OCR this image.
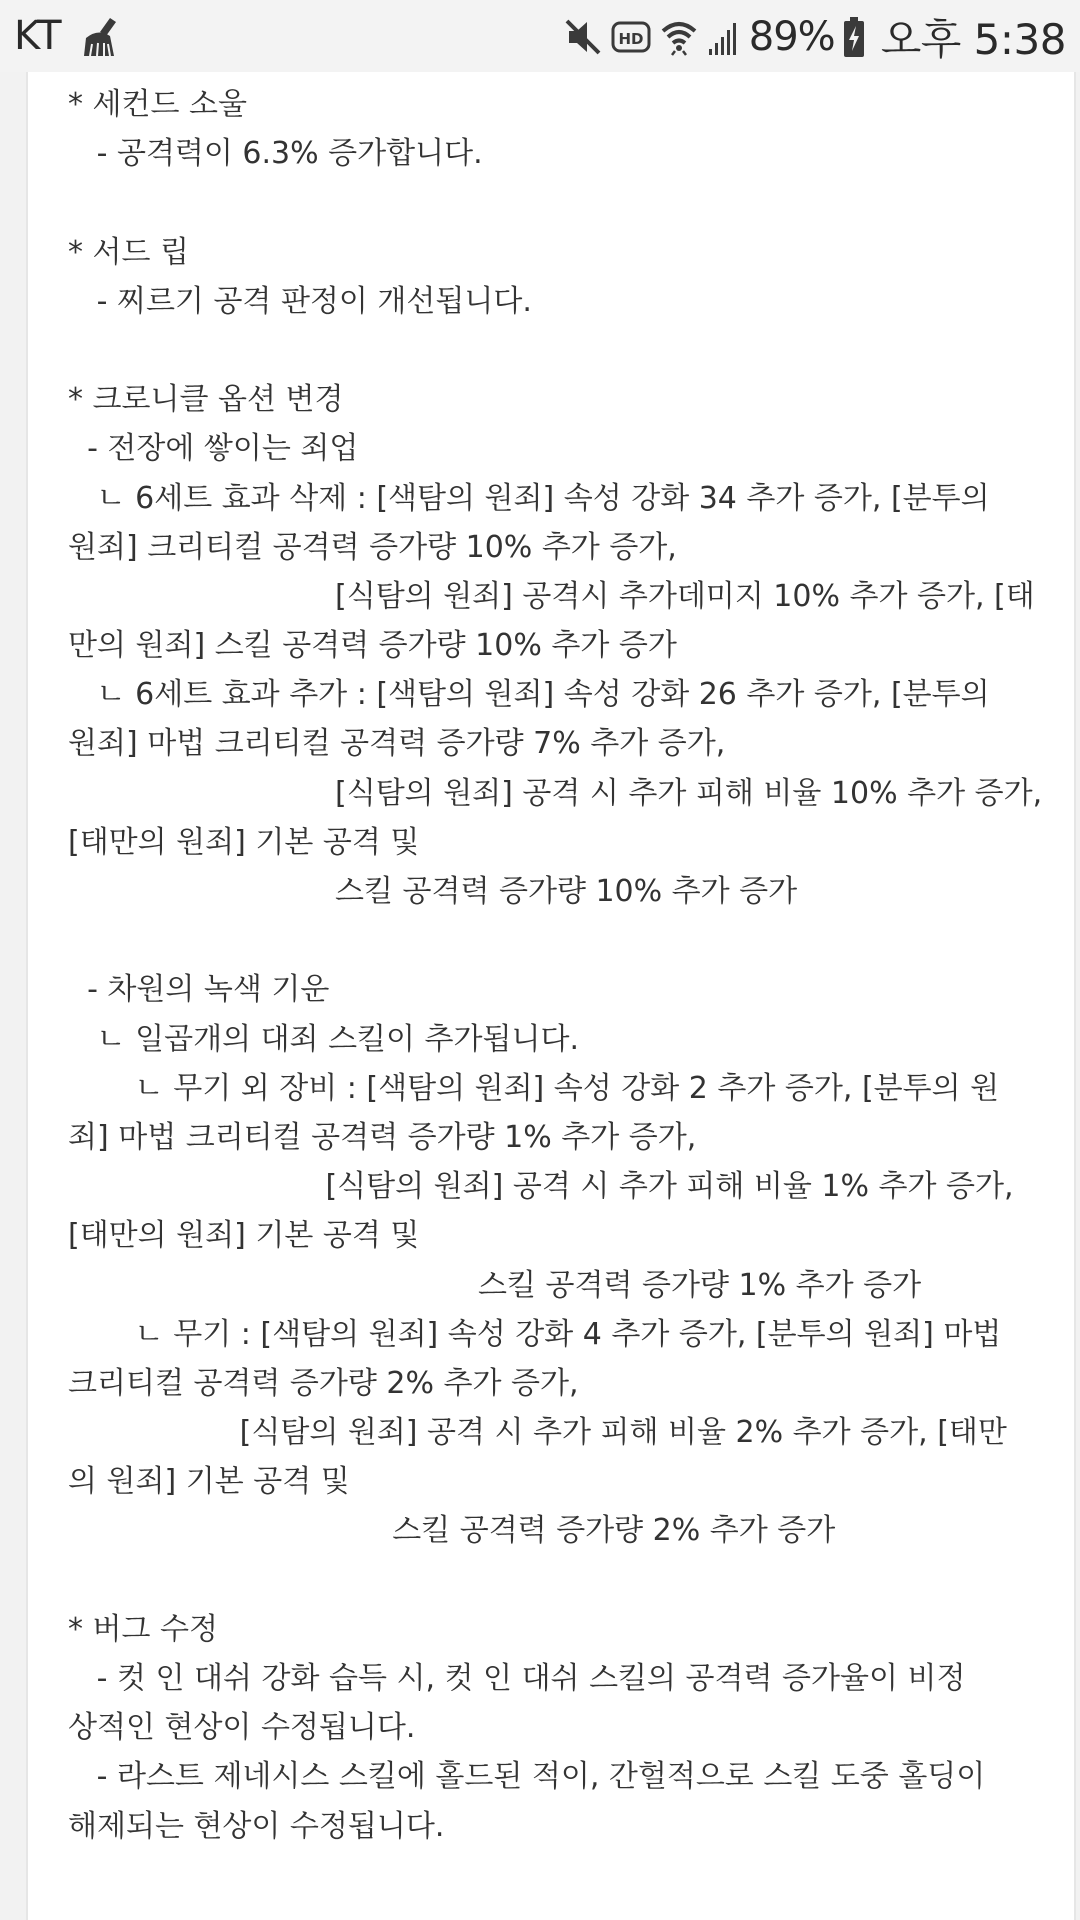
KT	HD	89% 오후 5:38
* 세컨드 소울
- 공격력이 6.3% 증가합니다.
* 서드 립
- 찌르기 공격 판정이 개선됩니다.
* 크로니클 옵션 변경
- 전장에 쌓이는 죄업
ㄴ 6세트 효과 삭제 : [색탐의 원죄] 속성 강화 34 추가 증가, [분투의
원죄] 크리티컬 공격력 증가량 10% 추가 증가,
[식탐의 원죄] 공격시 추가데미지 10% 추가 증가, [태
만의 원죄] 스킬 공격력 증가량 10% 추가 증가
ㄴ 6세트 효과 추가 : [색탐의 원죄] 속성 강화 26 추가 증가, [분투의
원죄] 마법 크리티컬 공격력 증가량 7% 추가 증가,
[식탐의 원죄] 공격 시 추가 피해 비율 10% 추가 증가,
[태만의 원죄] 기본 공격 및
스킬 공격력 증가량 10% 추가 증가
- 차원의 녹색 기운
ㄴ 일곱개의 대죄 스킬이 추가됩니다.
ㄴ 무기 외 장비 : [색탐의 원죄] 속성 강화 2 추가 증가, [분투의 원
죄] 마법 크리티컬 공격력 증가량 1% 추가 증가,
[식탐의 원죄] 공격 시 추가 피해 비율 1% 추가 증가,
[태만의 원죄] 기본 공격 및
스킬 공격력 증가량 1% 추가 증가
ㄴ 무기 : [색탐의 원죄] 속성 강화 4 추가 증가, [분투의 원죄] 마법
크리티컬 공격력 증가량 2% 추가 증가,
[식탐의 원죄] 공격 시 추가 피해 비율 2% 추가 증가, [태만
의 원죄] 기본 공격 및
스킬 공격력 증가량 2% 추가 증가
* 버그 수정
- 컷 인 대쉬 강화 습득 시, 컷 인 대쉬 스킬의 공격력 증가율이 비정
상적인 현상이 수정됩니다.
- 라스트 제네시스 스킬에 홀드된 적이, 간헐적으로 스킬 도중 홀딩이
해제되는 현상이 수정됩니다.
